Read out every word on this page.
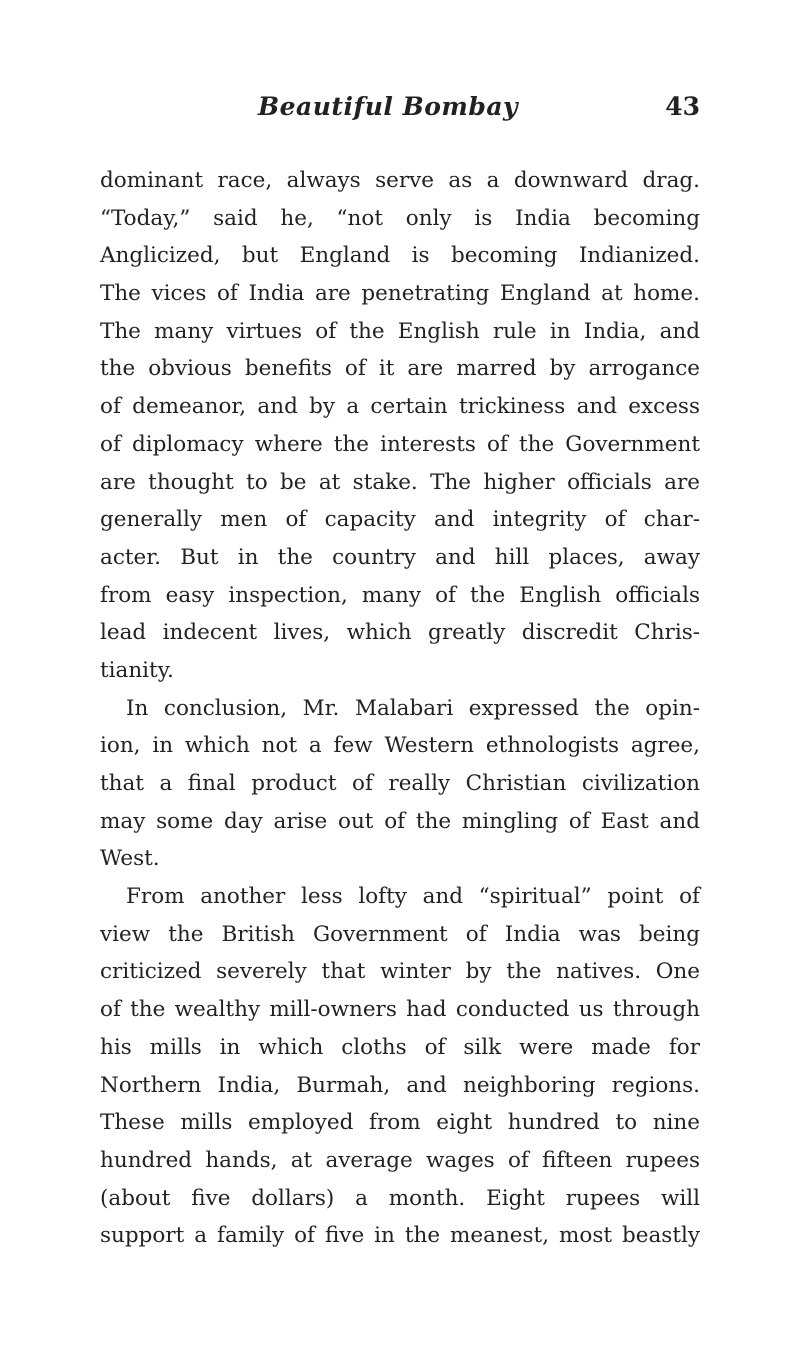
Beautiful Bombay	43
dominant race, always serve as a downward drag.
“Today,” said he, “not only is India becoming
Anglicized, but England is becoming Indianized.
The vices of India are penetrating England at home.
The many virtues of the English rule in India, and
the obvious benefits of it are marred by arrogance
of demeanor, and by a certain trickiness and excess
of diplomacy where the interests of the Government
are thought to be at stake. The higher officials are
generally men of capacity and integrity of char-
acter. But in the country and hill places, away
from easy inspection, many of the English officials
lead indecent lives, which greatly discredit Chris-
tianity.
In conclusion, Mr. Malabari expressed the opin-
ion, in which not a few Western ethnologists agree,
that a final product of really Christian civilization
may some day arise out of the mingling of East and
West.
From another less lofty and “spiritual” point of
view the British Government of India was being
criticized severely that winter by the natives. One
of the wealthy mill-owners had conducted us through
his mills in which cloths of silk were made for
Northern India, Burmah, and neighboring regions.
These mills employed from eight hundred to nine
hundred hands, at average wages of fifteen rupees
(about five dollars) a month. Eight rupees will
support a family of five in the meanest, most beastly
